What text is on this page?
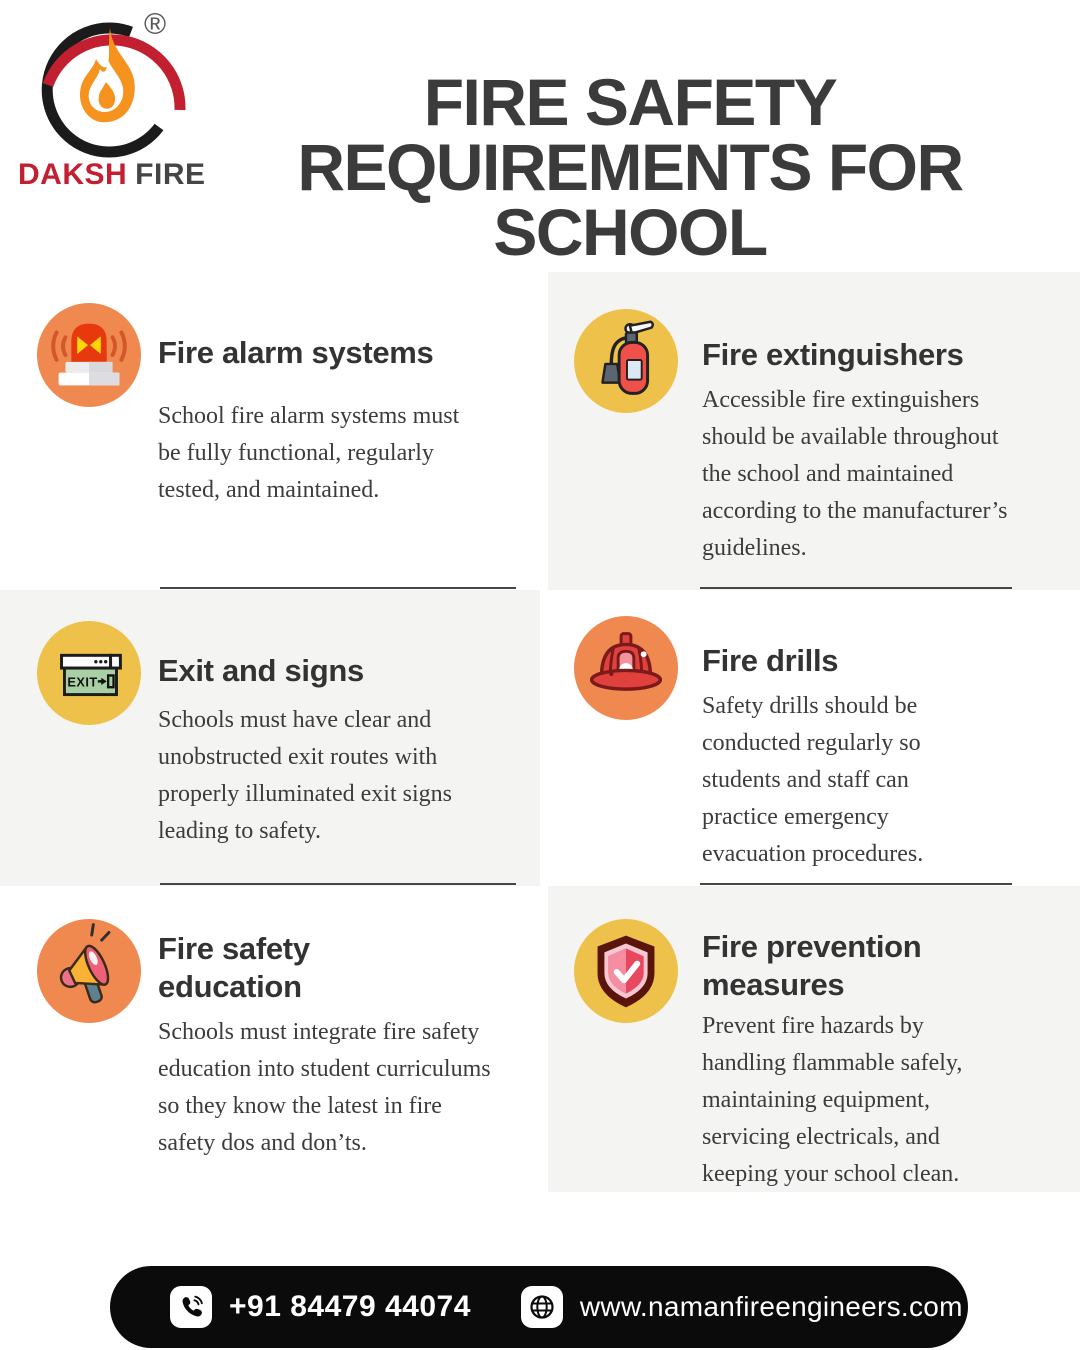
®
DAKSH FIRE
FIRE SAFETY
REQUIREMENTS FOR
SCHOOL
Fire alarm systems

School fire alarm systems must
be fully functional, regularly
tested, and maintained.

Fire extinguishers

Accessible fire extinguishers
should be available throughout
the school and maintained
according to the manufacturer’s
guidelines.

EXIT Exit and signs

Schools must have clear and
unobstructed exit routes with
properly illuminated exit signs
leading to safety.

Fire drills

Safety drills should be
conducted regularly so
students and staff can
practice emergency
evacuation procedures.

Fire safety
education

Schools must integrate fire safety
education into student curriculums
so they know the latest in fire
safety dos and don’ts.

Fire prevention
measures

Prevent fire hazards by
handling flammable safely,
maintaining equipment,
servicing electricals, and
keeping your school clean.

+91 84479 44074	www.namanfireengineers.com
